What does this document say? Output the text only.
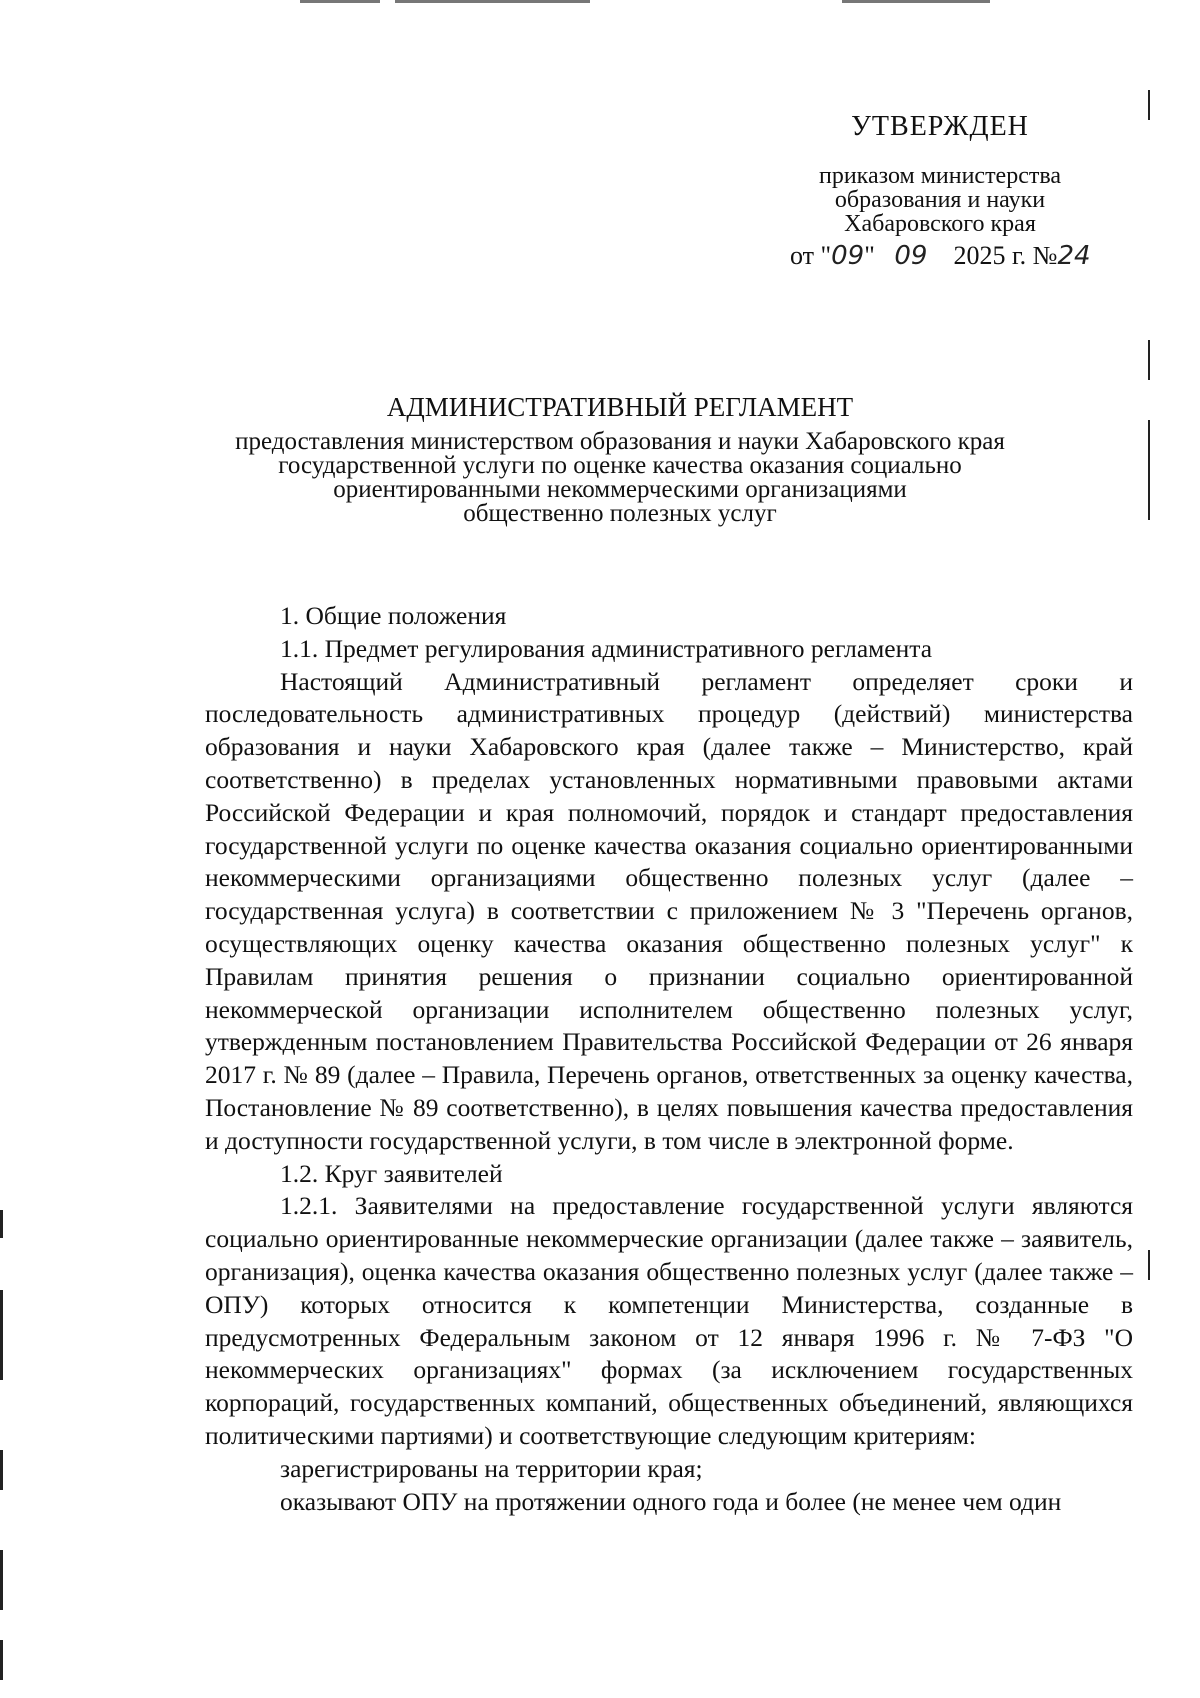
УТВЕРЖДЕН
приказом министерства
образования и науки
Хабаровского края
от "09" 09 2025 г. №24
АДМИНИСТРАТИВНЫЙ РЕГЛАМЕНТ
предоставления министерством образования и науки Хабаровского края
государственной услуги по оценке качества оказания социально
ориентированными некоммерческими организациями
общественно полезных услуг
1. Общие положения
1.1. Предмет регулирования административного регламента

Настоящий Административный регламент определяет сроки и последовательность административных процедур (действий) министерства образования и науки Хабаровского края (далее также – Министерство, край соответственно) в пределах установленных нормативными правовыми актами Российской Федерации и края полномочий, порядок и стандарт предоставления государственной услуги по оценке качества оказания социально ориентированными некоммерческими организациями общественно полезных услуг (далее – государственная услуга) в соответствии с приложением № 3 "Перечень органов, осуществляющих оценку качества оказания общественно полезных услуг" к Правилам принятия решения о признании социально ориентированной некоммерческой организации исполнителем общественно полезных услуг, утвержденным постановлением Правительства Российской Федерации от 26 января 2017 г. № 89 (далее – Правила, Перечень органов, ответственных за оценку качества, Постановление № 89 соответственно), в целях повышения качества предоставления и доступности государственной услуги, в том числе в электронной форме.

1.2. Круг заявителей

1.2.1. Заявителями на предоставление государственной услуги являются социально ориентированные некоммерческие организации (далее также – заявитель, организация), оценка качества оказания общественно полезных услуг (далее также – ОПУ) которых относится к компетенции Министерства, созданные в предусмотренных Федеральным законом от 12 января 1996 г. № 7-ФЗ "О некоммерческих организациях" формах (за исключением государственных корпораций, государственных компаний, общественных объединений, являющихся политическими партиями) и соответствующие следующим критериям:

зарегистрированы на территории края;
оказывают ОПУ на протяжении одного года и более (не менее чем один
